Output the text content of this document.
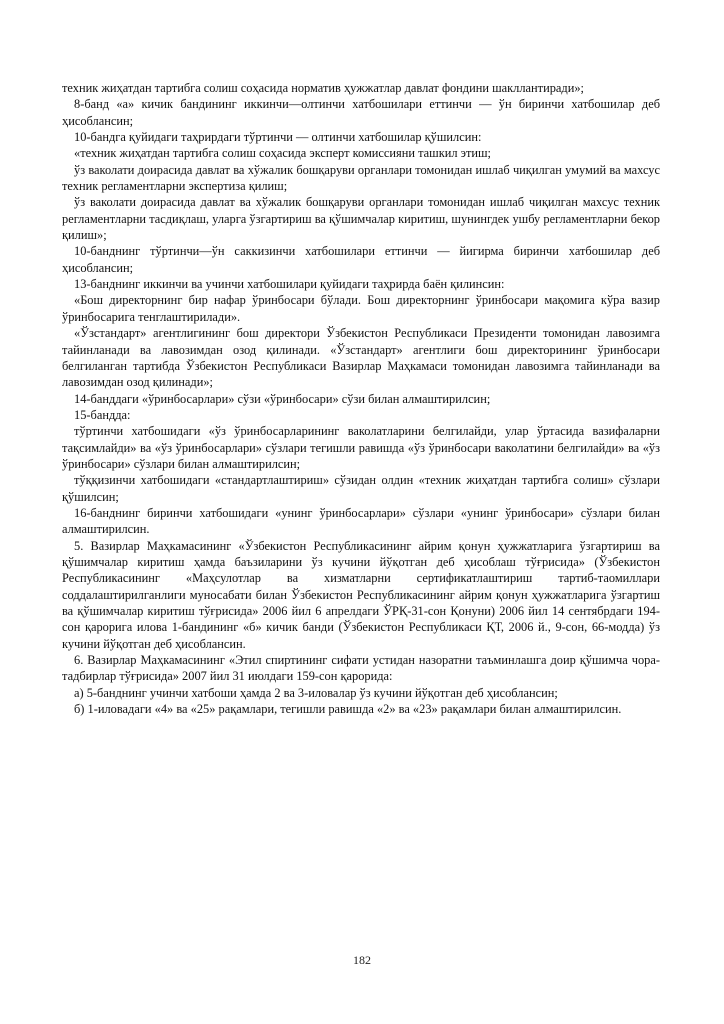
техник жиҳатдан тартибга солиш соҳасида норматив ҳужжатлар давлат фондини шакллантиради»;

8-банд «а» кичик бандининг иккинчи—олтинчи хатбошилари еттинчи — ўн биринчи хатбошилар деб ҳисоблансин;

10-бандга қуйидаги таҳрирдаги тўртинчи — олтинчи хатбошилар қўшилсин:

«техник жиҳатдан тартибга солиш соҳасида эксперт комиссияни ташкил этиш;

ўз ваколати доирасида давлат ва хўжалик бошқаруви органлари томонидан ишлаб чиқилган умумий ва махсус техник регламентларни экспертиза қилиш;

ўз ваколати доирасида давлат ва хўжалик бошқаруви органлари томонидан ишлаб чиқилган махсус техник регламентларни тасдиқлаш, уларга ўзгартириш ва қўшимчалар киритиш, шунингдек ушбу регламентларни бекор қилиш»;

10-банднинг тўртинчи—ўн саккизинчи хатбошилари еттинчи — йигирма биринчи хатбошилар деб ҳисоблансин;

13-банднинг иккинчи ва учинчи хатбошилари қуйидаги таҳрирда баён қилинсин:

«Бош директорнинг бир нафар ўринбосари бўлади. Бош директорнинг ўринбосари мақомига кўра вазир ўринбосарига тенглаштирилади».

«Ўзстандарт» агентлигининг бош директори Ўзбекистон Республикаси Президенти томонидан лавозимга тайинланади ва лавозимдан озод қилинади. «Ўзстандарт» агентлиги бош директорининг ўринбосари белгиланган тартибда Ўзбекистон Республикаси Вазирлар Маҳкамаси томонидан лавозимга тайинланади ва лавозимдан озод қилинади»;

14-банддаги «ўринбосарлари» сўзи «ўринбосари» сўзи билан алмаштирилсин;

15-бандда:

тўртинчи хатбошидаги «ўз ўринбосарларининг ваколатларини белгилайди, улар ўртасида вазифаларни тақсимлайди» ва «ўз ўринбосарлари» сўзлари тегишли равишда «ўз ўринбосари ваколатини белгилайди» ва «ўз ўринбосари» сўзлари билан алмаштирилсин;

тўққизинчи хатбошидаги «стандартлаштириш» сўзидан олдин «техник жиҳатдан тартибга солиш» сўзлари қўшилсин;

16-банднинг биринчи хатбошидаги «унинг ўринбосарлари» сўзлари «унинг ўринбосари» сўзлари билан алмаштирилсин.

5. Вазирлар Маҳкамасининг «Ўзбекистон Республикасининг айрим қонун ҳужжатларига ўзгартириш ва қўшимчалар киритиш ҳамда баъзиларини ўз кучини йўқотган деб ҳисоблаш тўғрисида» (Ўзбекистон Республикасининг «Маҳсулотлар ва хизматларни сертификатлаштириш тартиб-таомиллари соддалаштирилганлиги муносабати билан Ўзбекистон Республикасининг айрим қонун ҳужжатларига ўзгартиш ва қўшимчалар киритиш тўғрисида» 2006 йил 6 апрелдаги ЎРҚ-31-сон Қонуни) 2006 йил 14 сентябрдаги 194-сон қарорига илова 1-бандининг «б» кичик банди (Ўзбекистон Республикаси ҚТ, 2006 й., 9-сон, 66-модда) ўз кучини йўқотган деб ҳисоблансин.

6. Вазирлар Маҳкамасининг «Этил спиртининг сифати устидан назоратни таъминлашга доир қўшимча чора-тадбирлар тўғрисида» 2007 йил 31 июлдаги 159-сон қарорида:

а) 5-банднинг учинчи хатбоши ҳамда 2 ва 3-иловалар ўз кучини йўқотган деб ҳисоблансин;

б) 1-иловадаги «4» ва «25» рақамлари, тегишли равишда «2» ва «23» рақамлари билан алмаштирилсин.

182
